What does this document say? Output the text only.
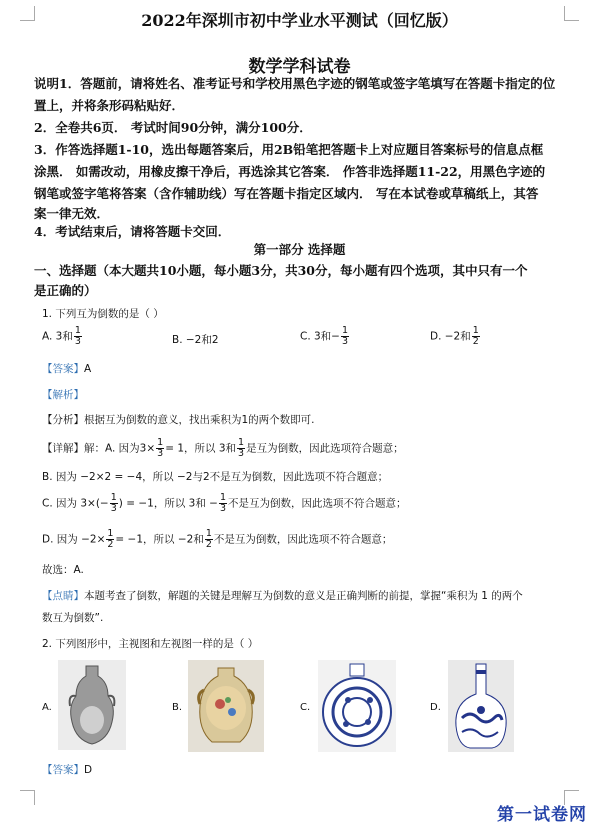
2022年深圳市初中学业水平测试（回忆版）
数学学科试卷
说明1．答题前，请将姓名、准考证号和学校用黑色字迹的钢笔或签字笔填写在答题卡指定的位
置上，并将条形码粘贴好．
2．全卷共6页． 考试时间90分钟，满分100分．
3．作答选择题1-10，选出每题答案后，用2B铅笔把答题卡上对应题目答案标号的信息点框
涂黑． 如需改动，用橡皮擦干净后，再选涂其它答案． 作答非选择题11-22，用黑色字迹的
钢笔或签字笔将答案（含作辅助线）写在答题卡指定区域内． 写在本试卷或草稿纸上，其答
案一律无效．
4．考试结束后，请将答题卡交回．
第一部分 选择题
一、选择题（本大题共10小题，每小题3分，共30分，每小题有四个选项，其中只有一个
是正确的）
1. 下列互为倒数的是（ ）
A. 3和 $\frac{1}{3}$	B. −2和2	C. 3和− $\frac{1}{3}$	D. −2和 $\frac{1}{2}$
【答案】A
【解析】
【分析】根据互为倒数的意义，找出乘积为1的两个数即可.
【详解】解：A. 因为$3\times \frac{1}{3} = 1$，所以 3和 $\frac{1}{3}$ 是互为倒数，因此选项符合题意；
B. 因为 −2×2 = −4，所以 −2与2不是互为倒数，因此选项不符合题意；
C. 因为 $3\times(- \frac{1}{3}$ ) = −1，所以 3和 − $\frac{1}{3}$ 不是互为倒数，因此选项不符合题意；
D. 因为 $-2\times \frac{1}{2} = -1$，所以 −2和 $\frac{1}{2}$ 不是互为倒数，因此选项不符合题意；
故选：A.
【点睛】本题考查了倒数，解题的关键是理解互为倒数的意义是正确判断的前提，掌握“乘积为 1 的两个
数互为倒数”.
2. 下列图形中，主视图和左视图一样的是（ ）
A.	B.	C.	D.
【答案】D
第一试卷网
